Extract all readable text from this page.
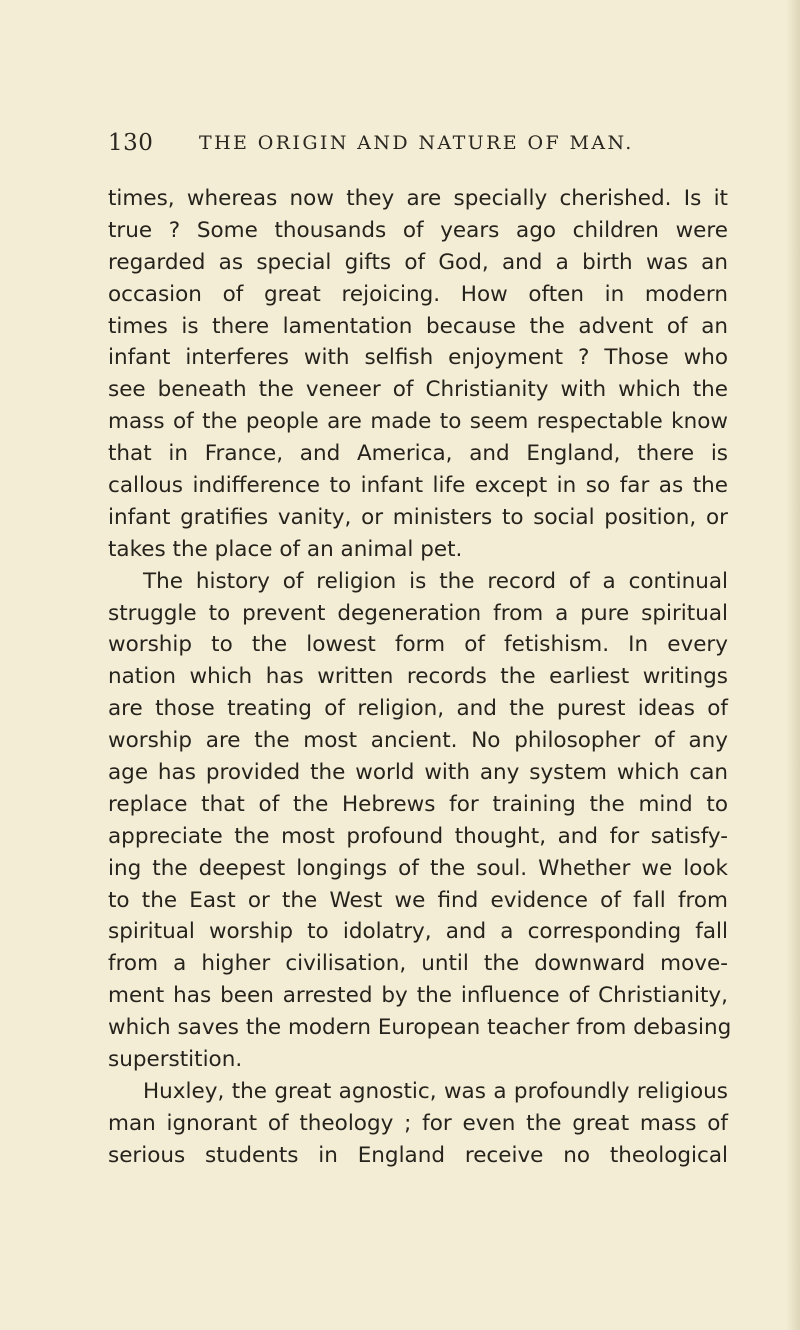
130 THE ORIGIN AND NATURE OF MAN.
times, whereas now they are specially cherished. Is it
true ? Some thousands of years ago children were
regarded as special gifts of God, and a birth was an
occasion of great rejoicing. How often in modern
times is there lamentation because the advent of an
infant interferes with selfish enjoyment ? Those who
see beneath the veneer of Christianity with which the
mass of the people are made to seem respectable know
that in France, and America, and England, there is
callous indifference to infant life except in so far as the
infant gratifies vanity, or ministers to social position, or
takes the place of an animal pet.
The history of religion is the record of a continual
struggle to prevent degeneration from a pure spiritual
worship to the lowest form of fetishism. In every
nation which has written records the earliest writings
are those treating of religion, and the purest ideas of
worship are the most ancient. No philosopher of any
age has provided the world with any system which can
replace that of the Hebrews for training the mind to
appreciate the most profound thought, and for satisfy-
ing the deepest longings of the soul. Whether we look
to the East or the West we find evidence of fall from
spiritual worship to idolatry, and a corresponding fall
from a higher civilisation, until the downward move-
ment has been arrested by the influence of Christianity,
which saves the modern European teacher from debasing
superstition.
Huxley, the great agnostic, was a profoundly religious
man ignorant of theology ; for even the great mass of
serious students in England receive no theological
